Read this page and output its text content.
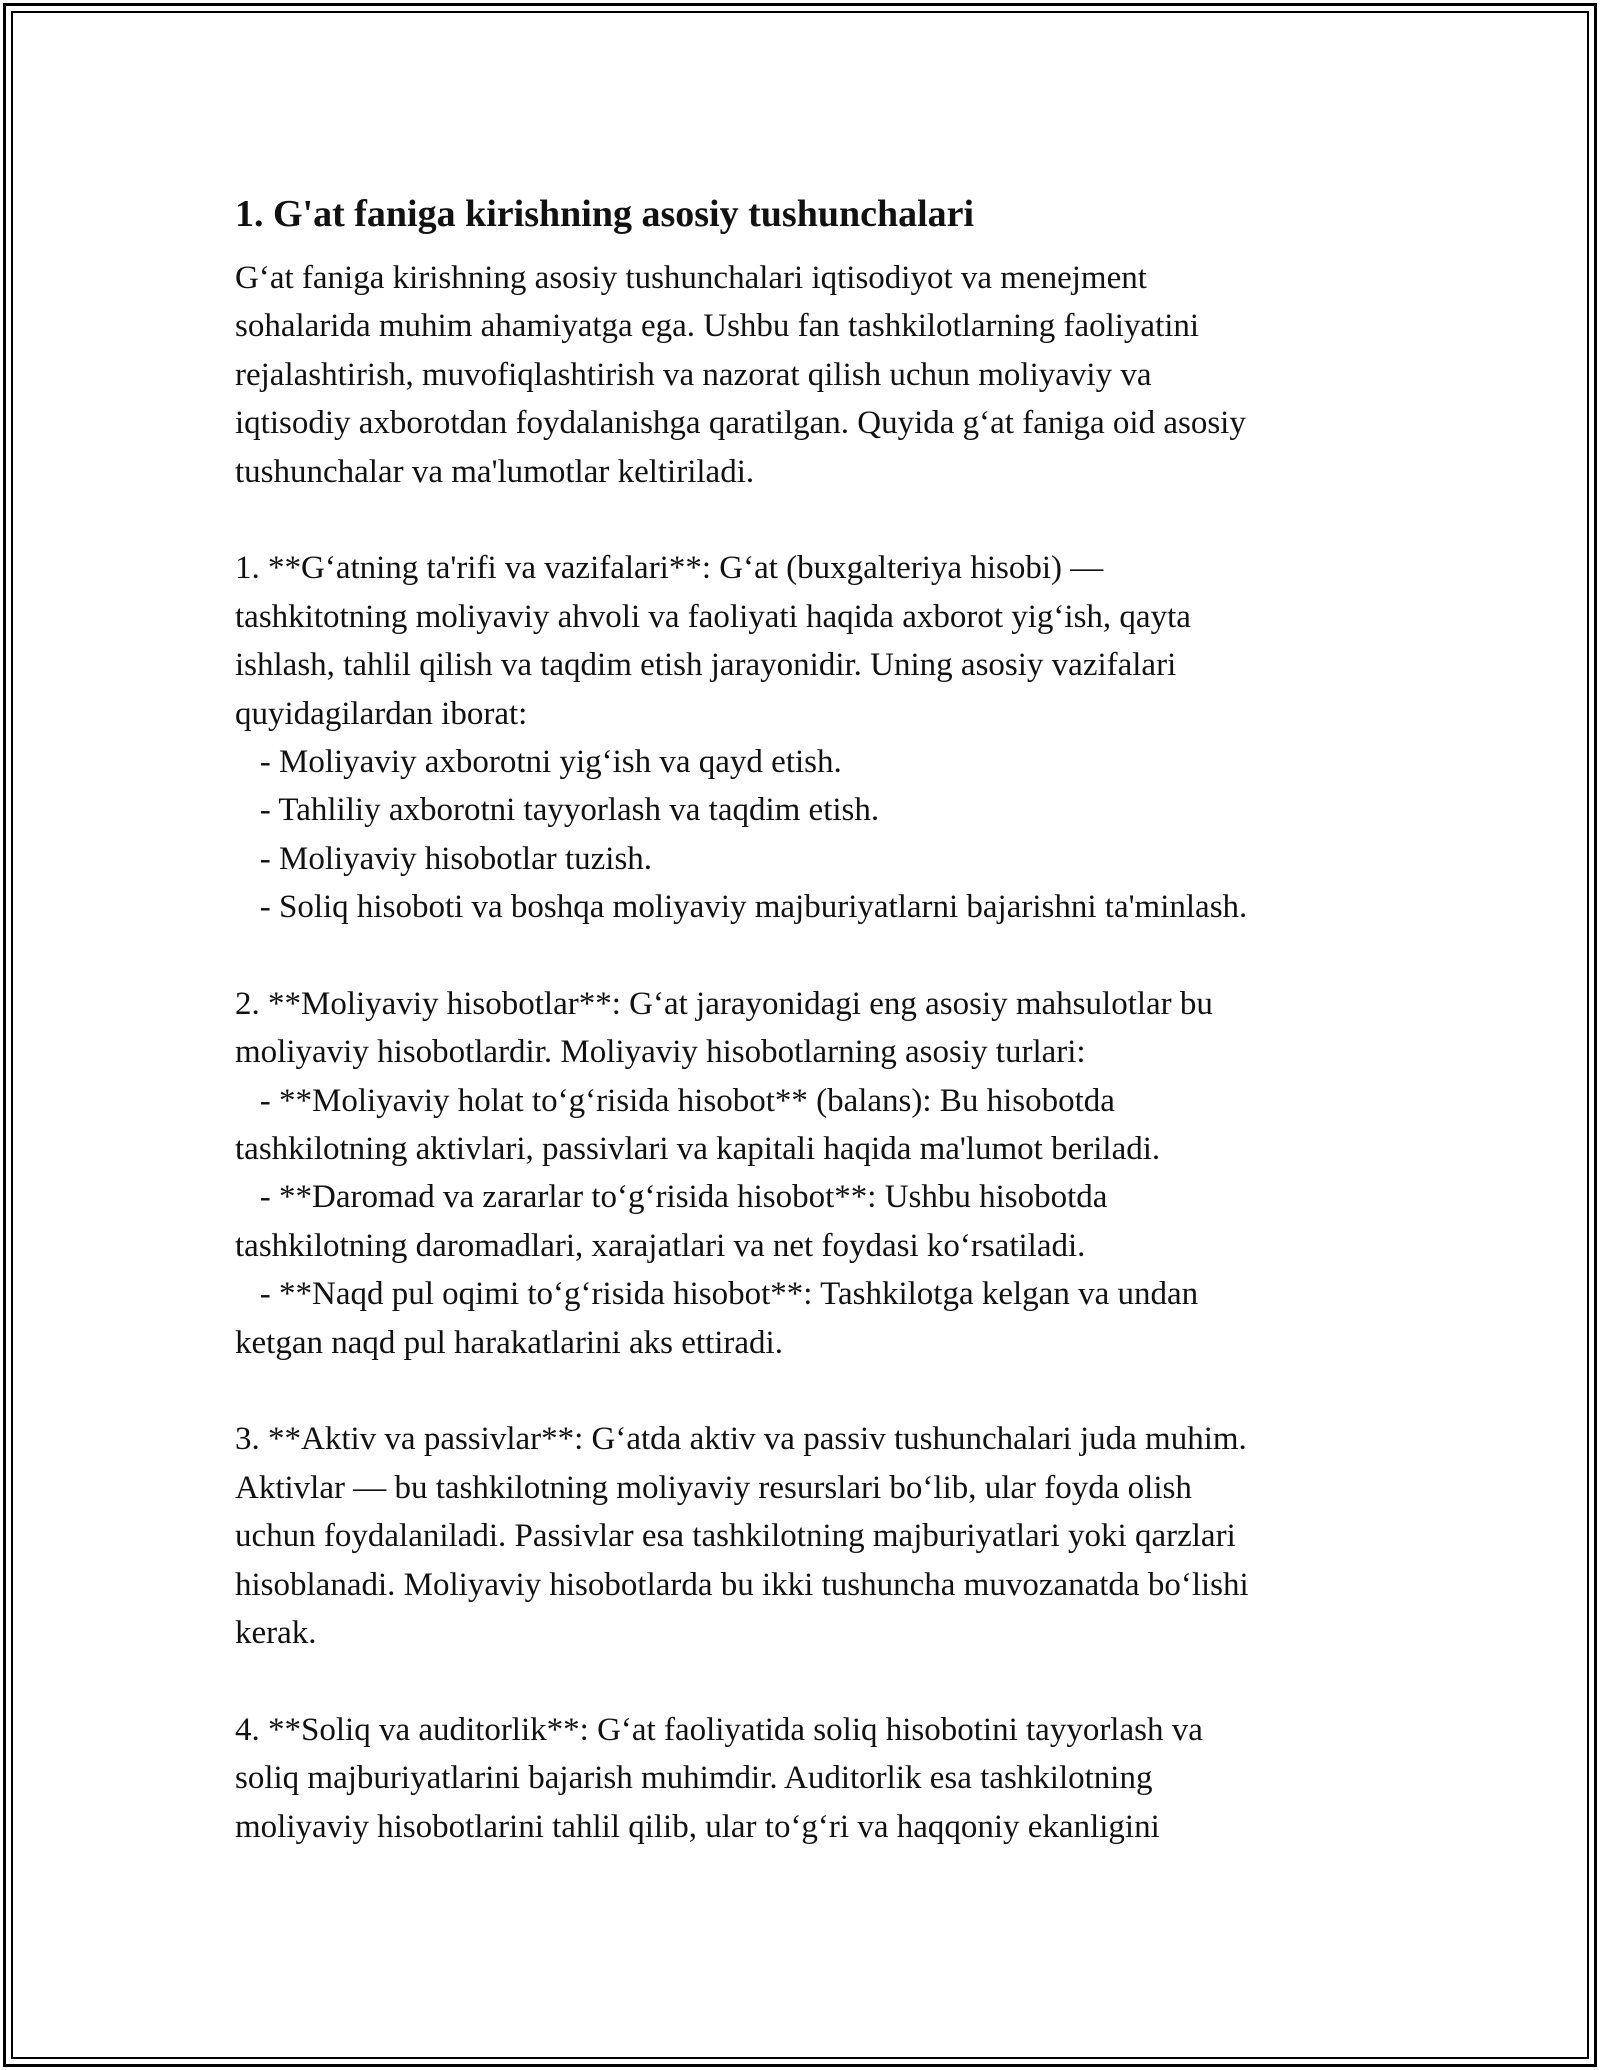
1. G'at faniga kirishning asosiy tushunchalari
G‘at faniga kirishning asosiy tushunchalari iqtisodiyot va menejment
sohalarida muhim ahamiyatga ega. Ushbu fan tashkilotlarning faoliyatini
rejalashtirish, muvofiqlashtirish va nazorat qilish uchun moliyaviy va
iqtisodiy axborotdan foydalanishga qaratilgan. Quyida g‘at faniga oid asosiy
tushunchalar va ma'lumotlar keltiriladi.
1. **G‘atning ta'rifi va vazifalari**: G‘at (buxgalteriya hisobi) —
tashkitotning moliyaviy ahvoli va faoliyati haqida axborot yig‘ish, qayta
ishlash, tahlil qilish va taqdim etish jarayonidir. Uning asosiy vazifalari
quyidagilardan iborat:
- Moliyaviy axborotni yig‘ish va qayd etish.
- Tahliliy axborotni tayyorlash va taqdim etish.
- Moliyaviy hisobotlar tuzish.
- Soliq hisoboti va boshqa moliyaviy majburiyatlarni bajarishni ta'minlash.
2. **Moliyaviy hisobotlar**: G‘at jarayonidagi eng asosiy mahsulotlar bu
moliyaviy hisobotlardir. Moliyaviy hisobotlarning asosiy turlari:
- **Moliyaviy holat to‘g‘risida hisobot** (balans): Bu hisobotda
tashkilotning aktivlari, passivlari va kapitali haqida ma'lumot beriladi.
- **Daromad va zararlar to‘g‘risida hisobot**: Ushbu hisobotda
tashkilotning daromadlari, xarajatlari va net foydasi ko‘rsatiladi.
- **Naqd pul oqimi to‘g‘risida hisobot**: Tashkilotga kelgan va undan
ketgan naqd pul harakatlarini aks ettiradi.
3. **Aktiv va passivlar**: G‘atda aktiv va passiv tushunchalari juda muhim.
Aktivlar — bu tashkilotning moliyaviy resurslari bo‘lib, ular foyda olish
uchun foydalaniladi. Passivlar esa tashkilotning majburiyatlari yoki qarzlari
hisoblanadi. Moliyaviy hisobotlarda bu ikki tushuncha muvozanatda bo‘lishi
kerak.
4. **Soliq va auditorlik**: G‘at faoliyatida soliq hisobotini tayyorlash va
soliq majburiyatlarini bajarish muhimdir. Auditorlik esa tashkilotning
moliyaviy hisobotlarini tahlil qilib, ular to‘g‘ri va haqqoniy ekanligini
